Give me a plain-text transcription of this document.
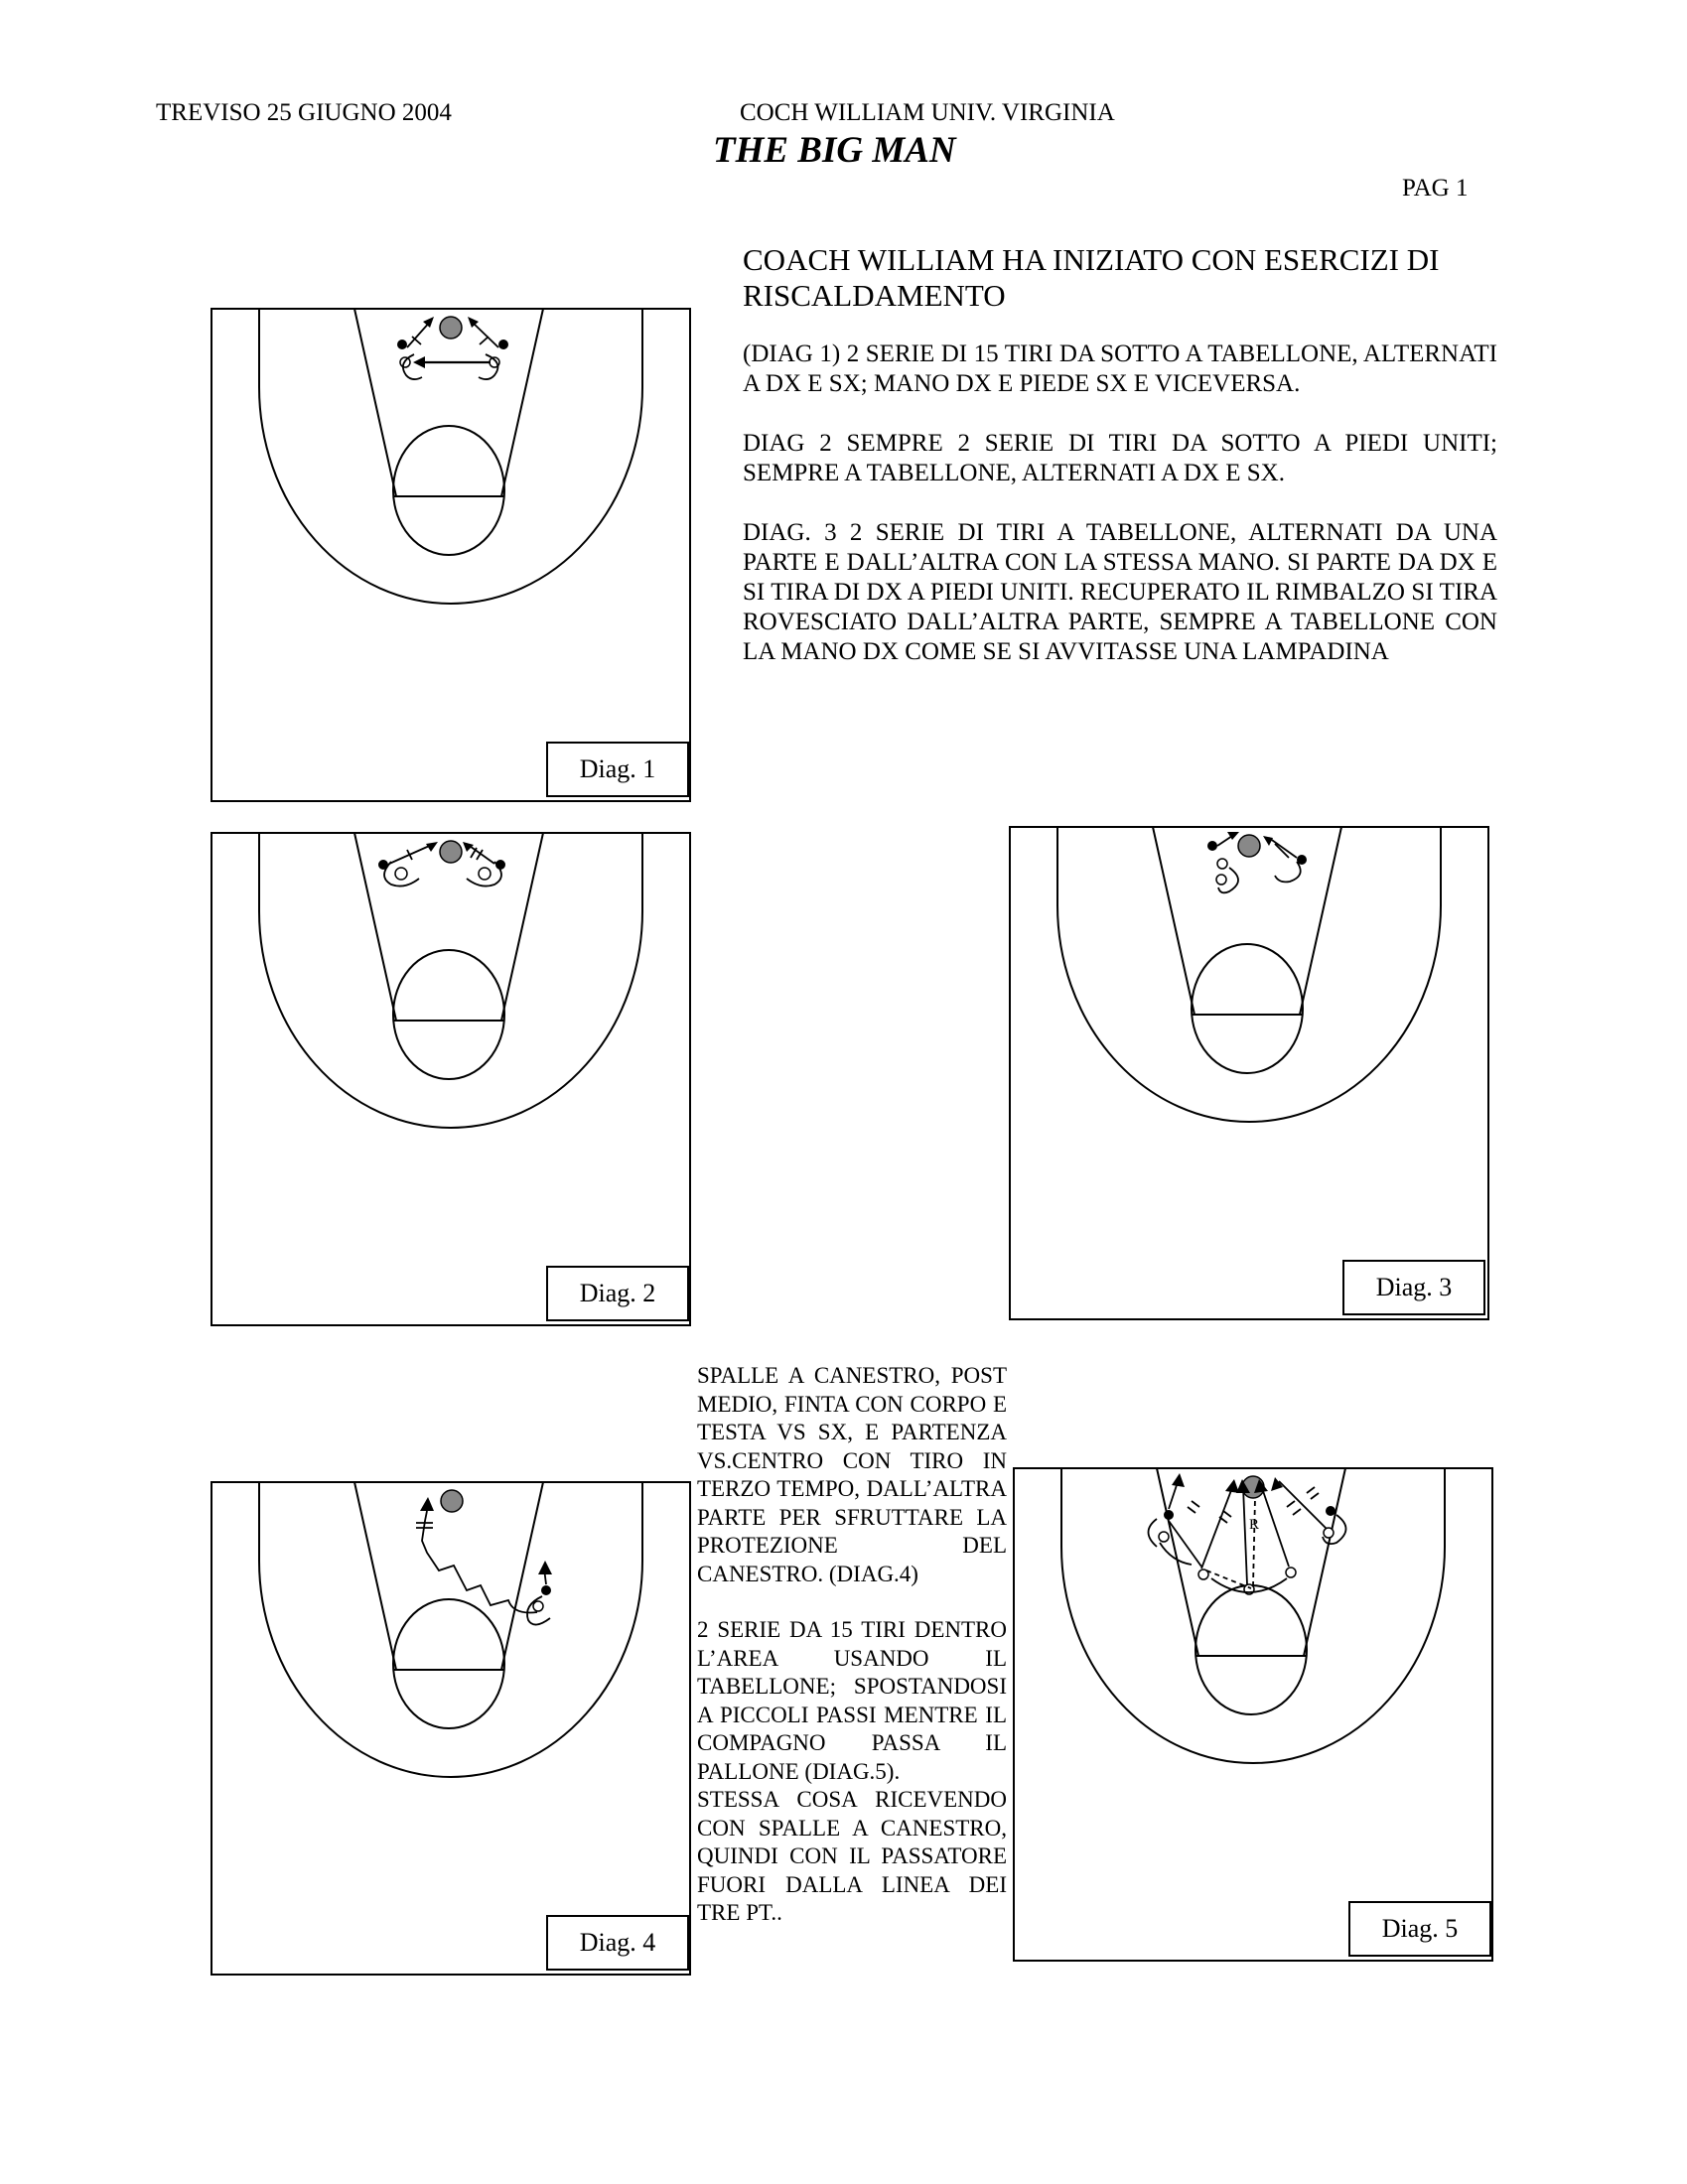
TREVISO 25 GIUGNO 2004	COCH WILLIAM UNIV. VIRGINIA
THE BIG MAN
PAG 1
COACH WILLIAM HA INIZIATO CON ESERCIZI DI RISCALDAMENTO
(DIAG 1) 2 SERIE DI 15 TIRI DA SOTTO A TABELLONE, ALTERNATI A DX E SX; MANO DX E PIEDE SX E VICEVERSA.
DIAG 2 SEMPRE 2 SERIE DI TIRI DA SOTTO A PIEDI UNITI; SEMPRE A TABELLONE, ALTERNATI A DX E SX.
DIAG. 3 2 SERIE DI TIRI A TABELLONE, ALTERNATI DA UNA PARTE E DALL’ALTRA CON LA STESSA MANO. SI PARTE DA DX E SI TIRA DI DX A PIEDI UNITI. RECUPERATO IL RIMBALZO SI TIRA ROVESCIATO DALL’ALTRA PARTE, SEMPRE A TABELLONE CON LA MANO DX COME SE SI AVVITASSE UNA LAMPADINA
SPALLE A CANESTRO, POST MEDIO, FINTA CON CORPO E TESTA VS SX, E PARTENZA VS.CENTRO CON TIRO IN TERZO TEMPO, DALL’ALTRA PARTE PER SFRUTTARE LA PROTEZIONE DEL CANESTRO. (DIAG.4)
2 SERIE DA 15 TIRI DENTRO L’AREA USANDO IL TABELLONE; SPOSTANDOSI A PICCOLI PASSI MENTRE IL COMPAGNO PASSA IL PALLONE (DIAG.5).
STESSA COSA RICEVENDO CON SPALLE A CANESTRO, QUINDI CON IL PASSATORE FUORI DALLA LINEA DEI TRE PT..
Diag. 1
Diag. 2	Diag. 3
Diag. 4
R
Diag. 5
